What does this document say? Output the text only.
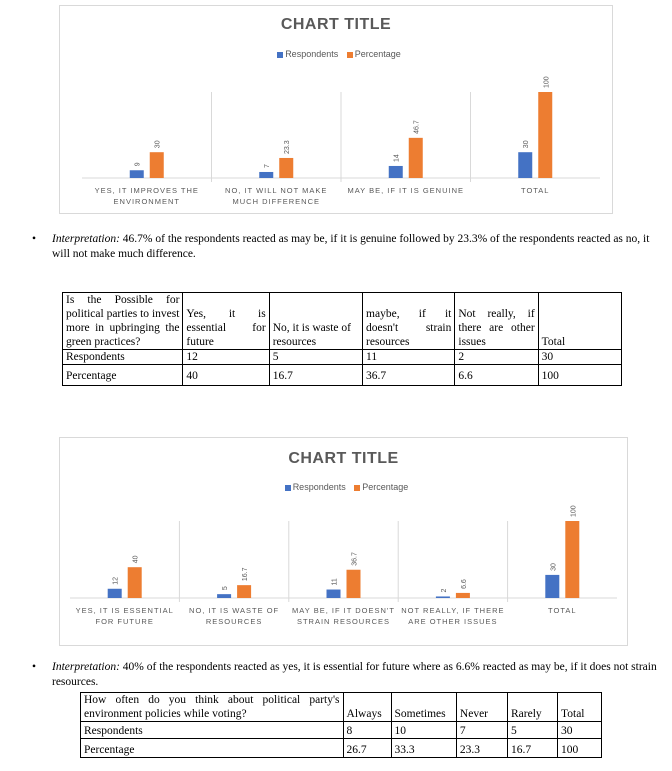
CHART TITLE
Respondents Percentage
9
30
7
23.3
14
46.7
30
100
YES, IT IMPROVES THE ENVIRONMENT
NO, IT WILL NOT MAKE MUCH DIFFERENCE
MAY BE, IF IT IS GENUINE	TOTAL
• Interpretation: 46.7% of the respondents reacted as may be, if it is genuine followed by 23.3% of the respondents reacted as no, it will not make much difference.
Is the Possible for political parties to invest more in upbringing the green practices?	Yes, it is essential for future	No, it is waste of resources	maybe, if it doesn't strain resources	Not really, if there are other issues	Total
Respondents	12	5	11	2	30
Percentage	40	16.7	36.7	6.6	100
CHART TITLE
Respondents Percentage
12
40
5
16.7
11
36.7
2
6.6
30
100
YES, IT IS ESSENTIAL FOR FUTURE
NO, IT IS WASTE OF RESOURCES
MAY BE, IF IT DOESN'T STRAIN RESOURCES
NOT REALLY, IF THERE ARE OTHER ISSUES
TOTAL
• Interpretation: 40% of the respondents reacted as yes, it is essential for future where as 6.6% reacted as may be, if it does not strain resources.
How often do you think about political party's environment policies while voting?	Always	Sometimes	Never	Rarely	Total
Respondents	8	10	7	5	30
Percentage	26.7	33.3	23.3	16.7	100
